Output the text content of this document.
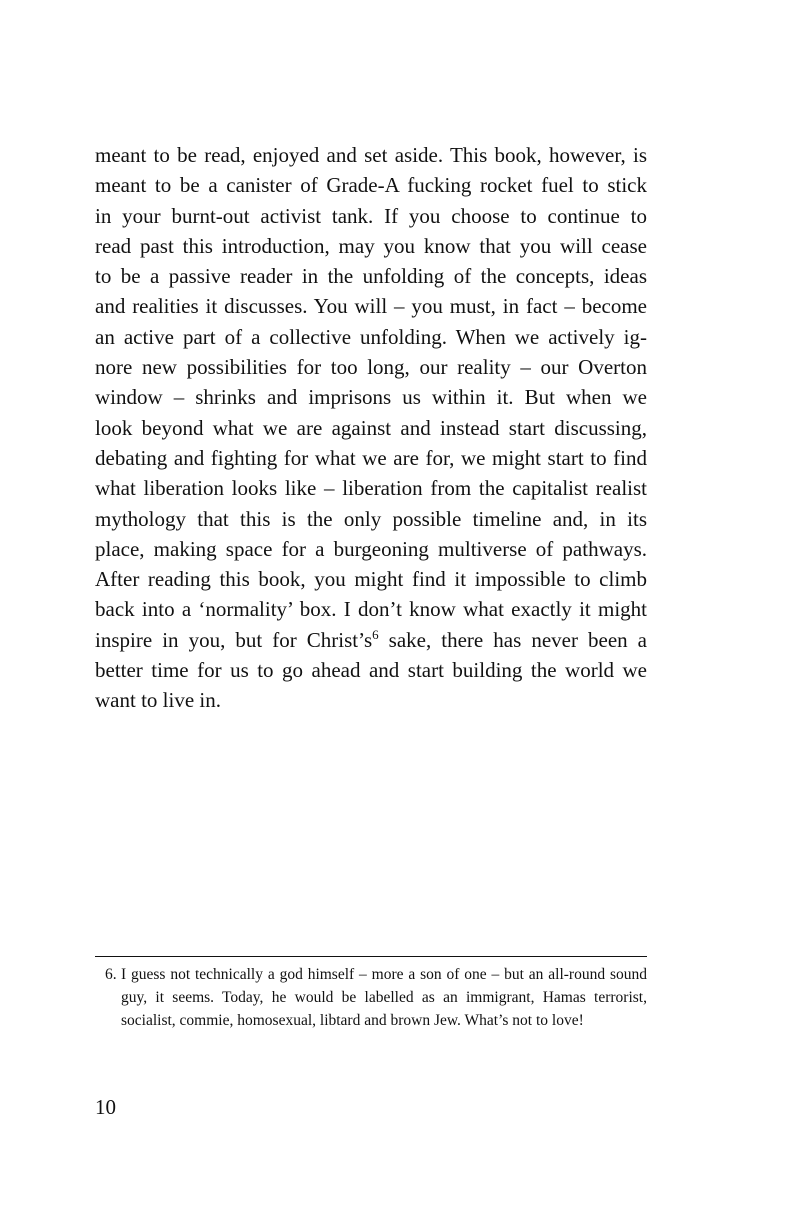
meant to be read, enjoyed and set aside. This book, however, is
meant to be a canister of Grade-A fucking rocket fuel to stick
in your burnt-out activist tank. If you choose to continue to
read past this introduction, may you know that you will cease
to be a passive reader in the unfolding of the concepts, ideas
and realities it discusses. You will – you must, in fact – become
an active part of a collective unfolding. When we actively ig-
nore new possibilities for too long, our reality – our Overton
window – shrinks and imprisons us within it. But when we
look beyond what we are against and instead start discussing,
debating and fighting for what we are for, we might start to find
what liberation looks like – liberation from the capitalist realist
mythology that this is the only possible timeline and, in its
place, making space for a burgeoning multiverse of pathways.
After reading this book, you might find it impossible to climb
back into a ‘normality’ box. I don’t know what exactly it might
inspire in you, but for $Christ’s^6$ sake, there has never been a
better time for us to go ahead and start building the world we
want to live in.
6. I guess not technically a god himself – more a son of one – but an all-round sound guy, it seems. Today, he would be labelled as an immigrant, Hamas terrorist, socialist, commie, homosexual, libtard and brown Jew. What’s not to love!
10
